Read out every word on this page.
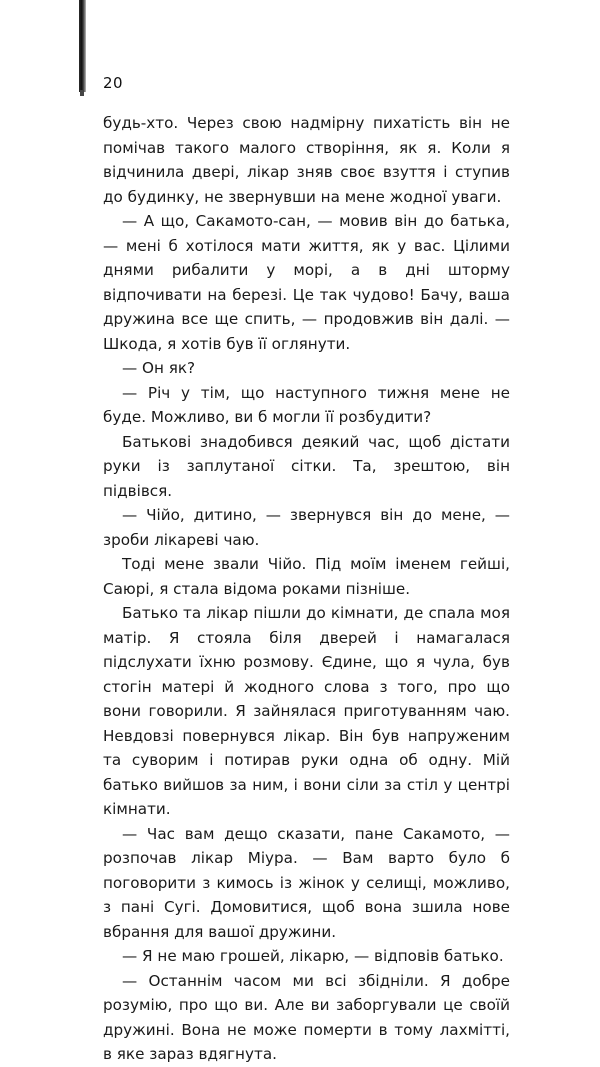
20

будь-хто. Через свою надмірну пихатість він не помічав такого малого створіння, як я. Коли я відчинила двері, лікар зняв своє взуття і ступив до будинку, не звернувши на мене жодної уваги.

— А що, Сакамото-сан, — мовив він до батька, — мені б хотілося мати життя, як у вас. Цілими днями рибалити у морі, а в дні шторму відпочивати на березі. Це так чудово! Бачу, ваша дружина все ще спить, — продовжив він далі. — Шкода, я хотів був її оглянути.

— Он як?

— Річ у тім, що наступного тижня мене не буде. Можливо, ви б могли її розбудити?

Батькові знадобився деякий час, щоб дістати руки із заплутаної сітки. Та, зрештою, він підвівся.

— Чійо, дитино, — звернувся він до мене, — зроби лікареві чаю.

Тоді мене звали Чійо. Під моїм іменем гейші, Саюрі, я стала відома роками пізніше.

Батько та лікар пішли до кімнати, де спала моя матір. Я стояла біля дверей і намагалася підслухати їхню розмову. Єдине, що я чула, був стогін матері й жодного слова з того, про що вони говорили. Я зайнялася приготуванням чаю. Невдовзі повернувся лікар. Він був напруженим та суворим і потирав руки одна об одну. Мій батько вийшов за ним, і вони сіли за стіл у центрі кімнати.

— Час вам дещо сказати, пане Сакамото, — розпочав лікар Міура. — Вам варто було б поговорити з кимось із жінок у селищі, можливо, з пані Сугі. Домовитися, щоб вона зшила нове вбрання для вашої дружини.

— Я не маю грошей, лікарю, — відповів батько.

— Останнім часом ми всі збідніли. Я добре розумію, про що ви. Але ви заборгували це своїй дружині. Вона не може померти в тому лахмітті, в яке зараз вдягнута.
